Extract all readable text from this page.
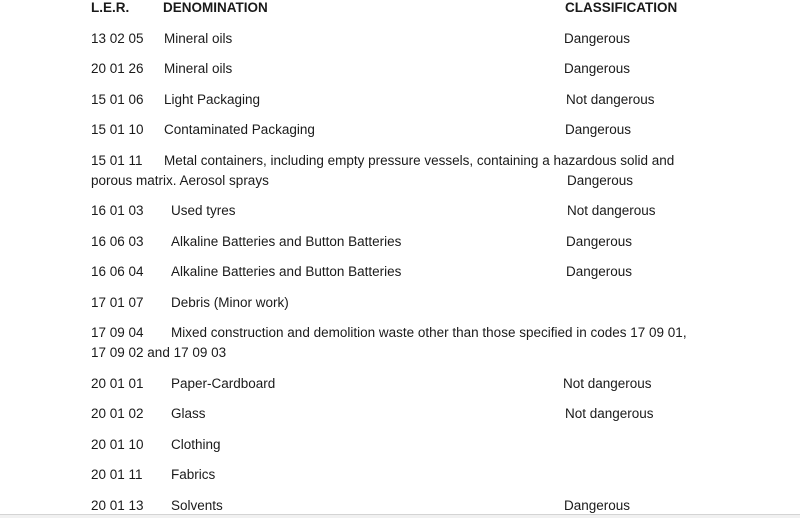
L.E.R. DENOMINATION	CLASSIFICATION
13 02 05 Mineral oils	Dangerous
20 01 26 Mineral oils	Dangerous
15 01 06 Light Packaging	Not dangerous
15 01 10 Contaminated Packaging	Dangerous
15 01 11 Metal containers, including empty pressure vessels, containing a hazardous solid and
porous matrix. Aerosol sprays	Dangerous
16 01 03 Used tyres	Not dangerous
16 06 03 Alkaline Batteries and Button Batteries	Dangerous
16 06 04 Alkaline Batteries and Button Batteries	Dangerous
17 01 07 Debris (Minor work)
17 09 04 Mixed construction and demolition waste other than those specified in codes 17 09 01,
17 09 02 and 17 09 03
20 01 01 Paper-Cardboard	Not dangerous
20 01 02 Glass	Not dangerous
20 01 10 Clothing
20 01 11 Fabrics
20 01 13 Solvents	Dangerous
